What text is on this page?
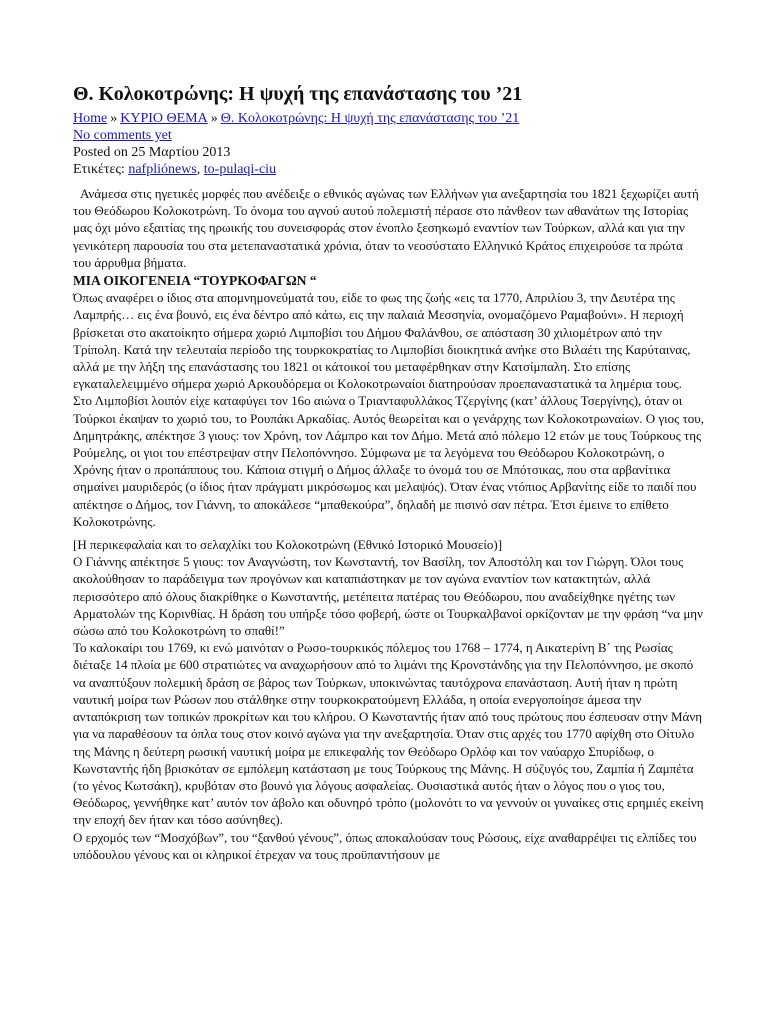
Θ. Κολοκοτρώνης: Η ψυχή της επανάστασης του ’21
Home » ΚΥΡΙΟ ΘΕΜΑ » Θ. Κολοκοτρώνης: Η ψυχή της επανάστασης του ’21
No comments yet
Posted on 25 Μαρτίου 2013
Ετικέτες: nafpliónews, to-pulaqi-ciu

Ανάμεσα στις ηγετικές μορφές που ανέδειξε ο εθνικός αγώνας των Ελλήνων για ανεξαρτησία του 1821 ξεχωρίζει αυτή του Θεόδωρου Κολοκοτρώνη. Το όνομα του αγνού αυτού πολεμιστή πέρασε στο πάνθεον των αθανάτων της Ιστορίας μας όχι μόνο εξαιτίας της ηρωικής του συνεισφοράς στον ένοπλο ξεσηκωμό εναντίον των Τούρκων, αλλά και για την γενικότερη παρουσία του στα μετεπαναστατικά χρόνια, όταν το νεοσύστατο Ελληνικό Κράτος επιχειρούσε τα πρώτα του άρρυθμα βήματα.

ΜΙΑ ΟΙΚΟΓΕΝΕΙΑ “ΤΟΥΡΚΟΦΑΓΩΝ “

Όπως αναφέρει ο ίδιος στα απομνημονεύματά του, είδε το φως της ζωής «εις τα 1770, Απριλίου 3, την Δευτέρα της Λαμπρής… εις ένα βουνό, εις ένα δέντρο από κάτω, εις την παλαιά Μεσσηνία, ονομαζόμενο Ραμαβούνι». Η περιοχή βρίσκεται στο ακατοίκητο σήμερα χωριό Λιμποβίσι του Δήμου Φαλάνθου, σε απόσταση 30 χιλιομέτρων από την Τρίπολη. Κατά την τελευταία περίοδο της τουρκοκρατίας το Λιμποβίσι διοικητικά ανήκε στο Βιλαέτι της Καρύταινας, αλλά με την λήξη της επανάστασης του 1821 οι κάτοικοί του μεταφέρθηκαν στην Κατσίμπαλη. Στο επίσης εγκαταλελειμμένο σήμερα χωριό Αρκουδόρεμα οι Κολοκοτρωναίοι διατηρούσαν προεπαναστατικά τα λημέρια τους.

Στο Λιμποβίσι λοιπόν είχε καταφύγει τον 16ο αιώνα ο Τριανταφυλλάκος Τζεργίνης (κατ’ άλλους Τσεργίνης), όταν οι Τούρκοι έκαψαν το χωριό του, το Ρουπάκι Αρκαδίας. Αυτός θεωρείται και ο γενάρχης των Κολοκοτρωναίων. Ο γιος του, Δημητράκης, απέκτησε 3 γιους: τον Χρόνη, τον Λάμπρο και τον Δήμο. Μετά από πόλεμο 12 ετών με τους Τούρκους της Ρούμελης, οι γιοι του επέστρεψαν στην Πελοπόννησο. Σύμφωνα με τα λεγόμενα του Θεόδωρου Κολοκοτρώνη, ο Χρόνης ήταν ο προπάππους του. Κάποια στιγμή ο Δήμος άλλαξε το όνομά του σε Μπότσικας, που στα αρβανίτικα σημαίνει μαυριδερός (ο ίδιος ήταν πράγματι μικρόσωμος και μελαψός). Όταν ένας ντόπιος Αρβανίτης είδε το παιδί που απέκτησε ο Δήμος, τον Γιάννη, το αποκάλεσε “μπαθεκούρα”, δηλαδή με πισινό σαν πέτρα. Έτσι έμεινε το επίθετο Κολοκοτρώνης.

[Η περικεφαλαία και το σελαχλίκι του Κολοκοτρώνη (Εθνικό Ιστορικό Μουσείο)]

Ο Γιάννης απέκτησε 5 γιους: τον Αναγνώστη, τον Κωνσταντή, τον Βασίλη, τον Αποστόλη και τον Γιώργη. Όλοι τους ακολούθησαν το παράδειγμα των προγόνων και καταπιάστηκαν με τον αγώνα εναντίον των κατακτητών, αλλά περισσότερο από όλους διακρίθηκε ο Κωνσταντής, μετέπειτα πατέρας του Θεόδωρου, που αναδείχθηκε ηγέτης των Αρματολών της Κορινθίας. Η δράση του υπήρξε τόσο φοβερή, ώστε οι Τουρκαλβανοί ορκίζονταν με την φράση “να μην σώσω από του Κολοκοτρώνη το σπαθί!”

Το καλοκαίρι του 1769, κι ενώ μαινόταν ο Ρωσο-τουρκικός πόλεμος του 1768 – 1774, η Αικατερίνη Β΄ της Ρωσίας διέταξε 14 πλοία με 600 στρατιώτες να αναχωρήσουν από το λιμάνι της Κρονστάνδης για την Πελοπόννησο, με σκοπό να αναπτύξουν πολεμική δράση σε βάρος των Τούρκων, υποκινώντας ταυτόχρονα επανάσταση. Αυτή ήταν η πρώτη ναυτική μοίρα των Ρώσων που στάλθηκε στην τουρκοκρατούμενη Ελλάδα, η οποία ενεργοποίησε άμεσα την ανταπόκριση των τοπικών προκρίτων και του κλήρου. Ο Κωνσταντής ήταν από τους πρώτους που έσπευσαν στην Μάνη για να παραθέσουν τα όπλα τους στον κοινό αγώνα για την ανεξαρτησία. Όταν στις αρχές του 1770 αφίχθη στο Οίτυλο της Μάνης η δεύτερη ρωσική ναυτική μοίρα με επικεφαλής τον Θεόδωρο Ορλόφ και τον ναύαρχο Σπυρίδωφ, ο Κωνσταντής ήδη βρισκόταν σε εμπόλεμη κατάσταση με τους Τούρκους της Μάνης. Η σύζυγός του, Ζαμπία ή Ζαμπέτα (το γένος Κωτσάκη), κρυβόταν στο βουνό για λόγους ασφαλείας. Ουσιαστικά αυτός ήταν ο λόγος που ο γιος του, Θεόδωρος, γεννήθηκε κατ’ αυτόν τον άβολο και οδυνηρό τρόπο (μολονότι το να γεννούν οι γυναίκες στις ερημιές εκείνη την εποχή δεν ήταν και τόσο ασύνηθες).

Ο ερχομός των “Μοσχόβων”, του “ξανθού γένους”, όπως αποκαλούσαν τους Ρώσους, είχε αναθαρρέψει τις ελπίδες του υπόδουλου γένους και οι κληρικοί έτρεχαν να τους προϋπαντήσουν με
